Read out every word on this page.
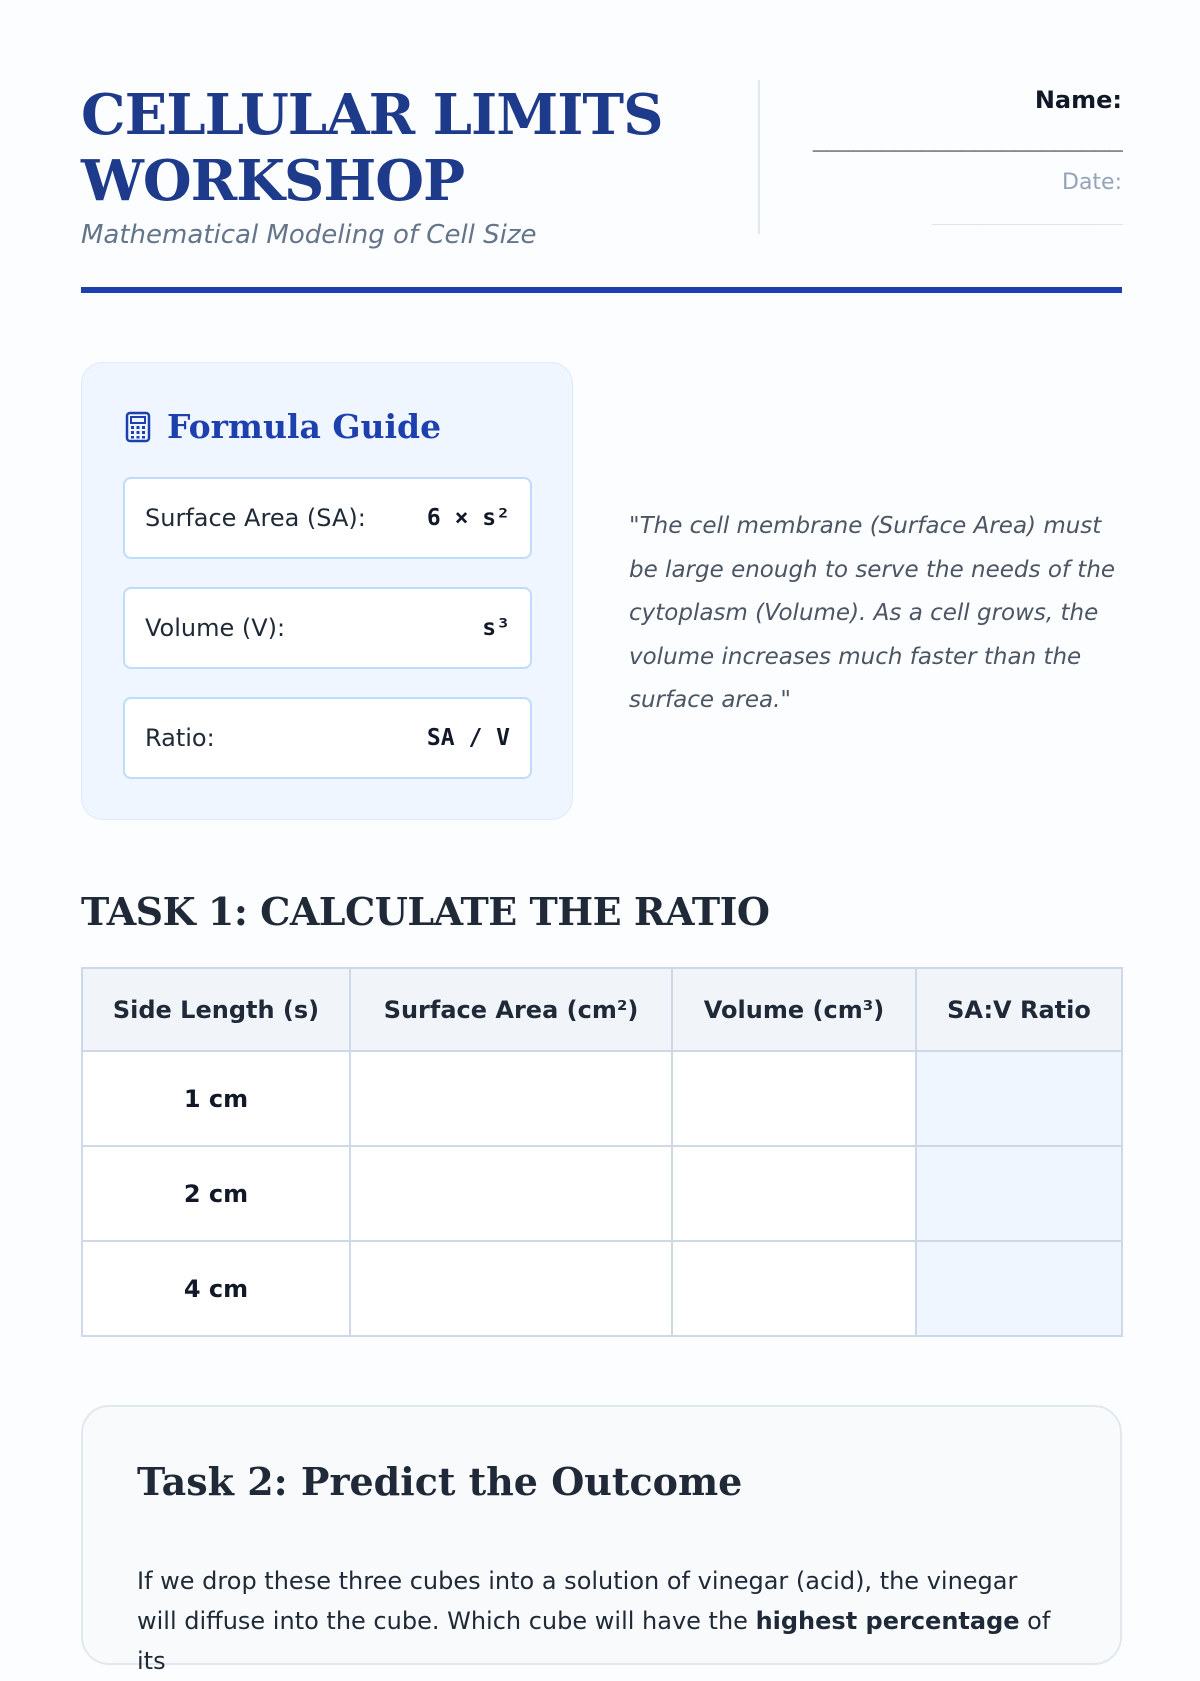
CELLULAR LIMITS
WORKSHOP
Mathematical Modeling of Cell Size
Name:
_______________________
Date:
______________________
Formula Guide
Surface Area (SA):	6 × s²
Volume (V):	s³
Ratio:	SA / V

"The cell membrane (Surface Area) must be large enough to serve the needs of the cytoplasm (Volume). As a cell grows, the volume increases much faster than the surface area."

TASK 1: CALCULATE THE RATIO
Side Length (s)	Surface Area (cm²)	Volume (cm³)	SA:V Ratio
1 cm			
2 cm			
4 cm			
Task 2: Predict the Outcome

If we drop these three cubes into a solution of vinegar (acid), the vinegar will diffuse into the cube. Which cube will have the highest percentage of its
